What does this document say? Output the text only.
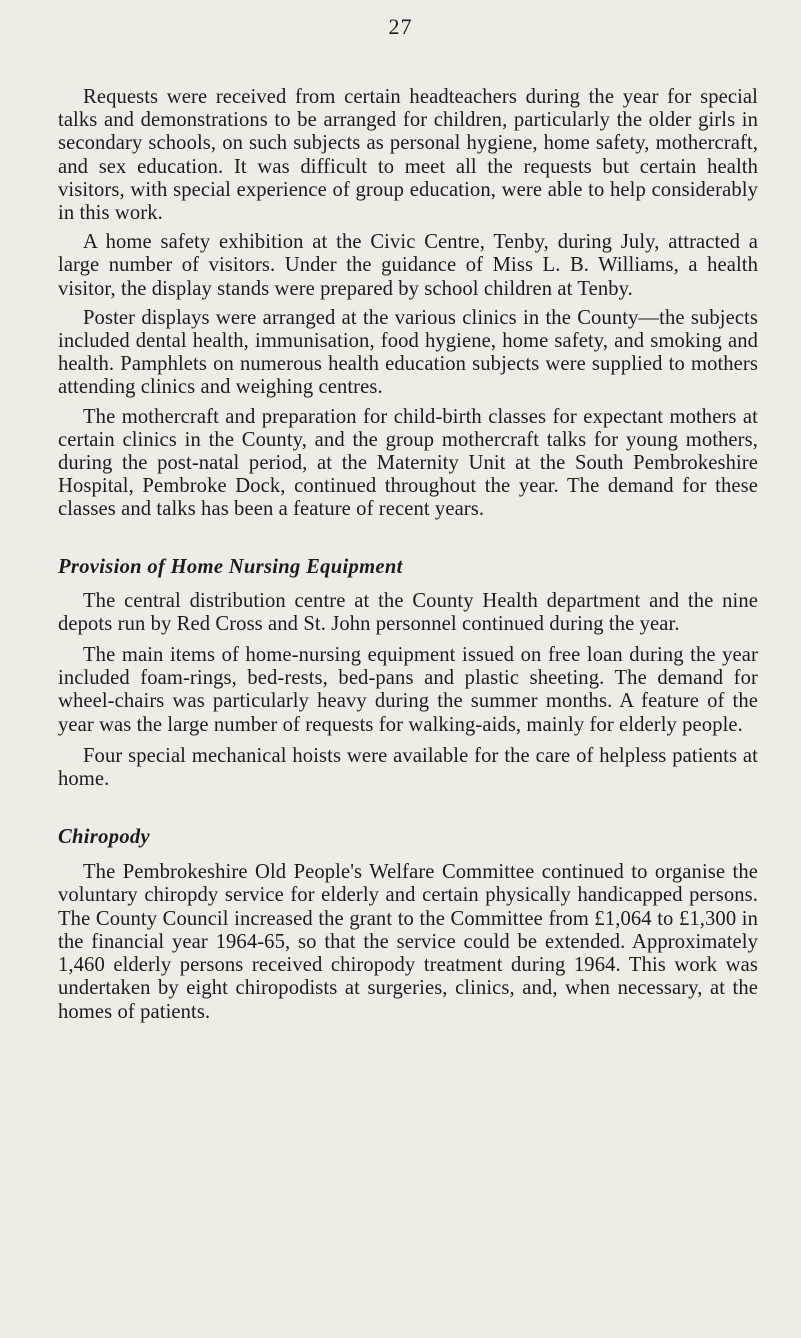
27

Requests were received from certain headteachers during the year for special talks and demonstrations to be arranged for children, particularly the older girls in secondary schools, on such subjects as personal hygiene, home safety, mothercraft, and sex education. It was difficult to meet all the requests but certain health visitors, with special experience of group education, were able to help considerably in this work.

A home safety exhibition at the Civic Centre, Tenby, during July, attracted a large number of visitors. Under the guidance of Miss L. B. Williams, a health visitor, the display stands were prepared by school children at Tenby.

Poster displays were arranged at the various clinics in the County—the subjects included dental health, immunisation, food hygiene, home safety, and smoking and health. Pamphlets on numerous health education subjects were supplied to mothers attending clinics and weighing centres.

The mothercraft and preparation for child-birth classes for expectant mothers at certain clinics in the County, and the group mothercraft talks for young mothers, during the post-natal period, at the Maternity Unit at the South Pembrokeshire Hospital, Pembroke Dock, continued throughout the year. The demand for these classes and talks has been a feature of recent years.

Provision of Home Nursing Equipment

The central distribution centre at the County Health department and the nine depots run by Red Cross and St. John personnel continued during the year.

The main items of home-nursing equipment issued on free loan during the year included foam-rings, bed-rests, bed-pans and plastic sheeting. The demand for wheel-chairs was particularly heavy during the summer months. A feature of the year was the large number of requests for walking-aids, mainly for elderly people.

Four special mechanical hoists were available for the care of helpless patients at home.

Chiropody

The Pembrokeshire Old People's Welfare Committee continued to organise the voluntary chiropdy service for elderly and certain physically handicapped persons. The County Council increased the grant to the Committee from £1,064 to £1,300 in the financial year 1964-65, so that the service could be extended. Approximately 1,460 elderly persons received chiropody treatment during 1964. This work was undertaken by eight chiropodists at surgeries, clinics, and, when necessary, at the homes of patients.
